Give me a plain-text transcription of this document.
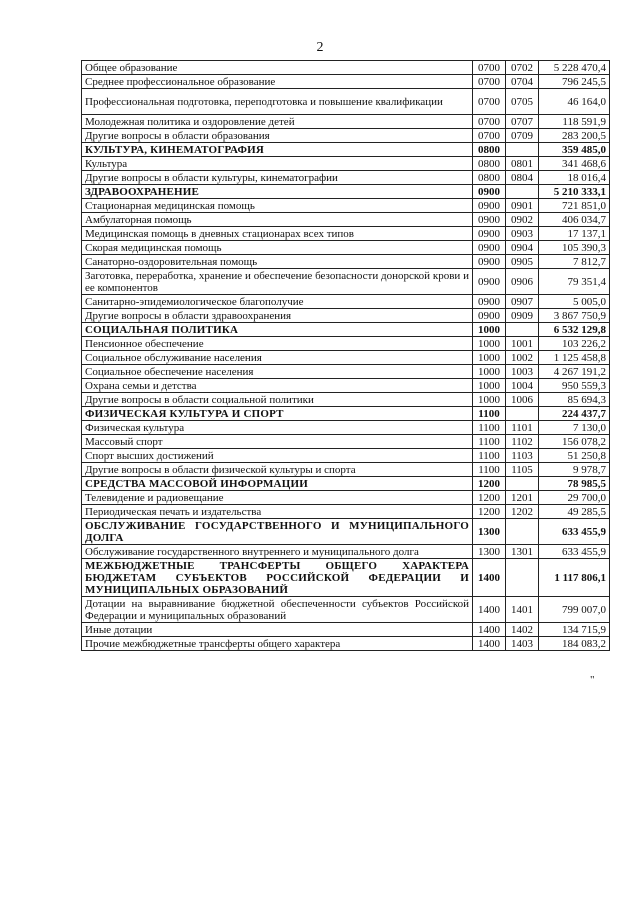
2
Общее образование	0700	0702	5 228 470,4
Среднее профессиональное образование	0700	0704	796 245,5
Профессиональная подготовка, переподготовка и повышение квалификации	0700	0705	46 164,0
Молодежная политика и оздоровление детей	0700	0707	118 591,9
Другие вопросы в области образования	0700	0709	283 200,5
КУЛЬТУРА, КИНЕМАТОГРАФИЯ	0800		359 485,0
Культура	0800	0801	341 468,6
Другие вопросы в области культуры, кинематографии	0800	0804	18 016,4
ЗДРАВООХРАНЕНИЕ	0900		5 210 333,1
Стационарная медицинская помощь	0900	0901	721 851,0
Амбулаторная помощь	0900	0902	406 034,7
Медицинская помощь в дневных стационарах всех типов	0900	0903	17 137,1
Скорая медицинская помощь	0900	0904	105 390,3
Санаторно-оздоровительная помощь	0900	0905	7 812,7
Заготовка, переработка, хранение и обеспечение безопасности донорской крови и ее компонентов	0900	0906	79 351,4
Санитарно-эпидемиологическое благополучие	0900	0907	5 005,0
Другие вопросы в области здравоохранения	0900	0909	3 867 750,9
СОЦИАЛЬНАЯ ПОЛИТИКА	1000		6 532 129,8
Пенсионное обеспечение	1000	1001	103 226,2
Социальное обслуживание населения	1000	1002	1 125 458,8
Социальное обеспечение населения	1000	1003	4 267 191,2
Охрана семьи и детства	1000	1004	950 559,3
Другие вопросы в области социальной политики	1000	1006	85 694,3
ФИЗИЧЕСКАЯ КУЛЬТУРА И СПОРТ	1100		224 437,7
Физическая культура	1100	1101	7 130,0
Массовый спорт	1100	1102	156 078,2
Спорт высших достижений	1100	1103	51 250,8
Другие вопросы в области физической культуры и спорта	1100	1105	9 978,7
СРЕДСТВА МАССОВОЙ ИНФОРМАЦИИ	1200		78 985,5
Телевидение и радиовещание	1200	1201	29 700,0
Периодическая печать и издательства	1200	1202	49 285,5
ОБСЛУЖИВАНИЕ ГОСУДАРСТВЕННОГО И МУНИЦИПАЛЬНОГО ДОЛГА	1300		633 455,9
Обслуживание государственного внутреннего и муниципального долга	1300	1301	633 455,9
МЕЖБЮДЖЕТНЫЕ ТРАНСФЕРТЫ ОБЩЕГО ХАРАКТЕРА БЮДЖЕТАМ СУБЪЕКТОВ РОССИЙСКОЙ ФЕДЕРАЦИИ И МУНИЦИПАЛЬНЫХ ОБРАЗОВАНИЙ	1400		1 117 806,1
Дотации на выравнивание бюджетной обеспеченности субъектов Российской Федерации и муниципальных образований	1400	1401	799 007,0
Иные дотации	1400	1402	134 715,9
Прочие межбюджетные трансферты общего характера	1400	1403	184 083,2
"
